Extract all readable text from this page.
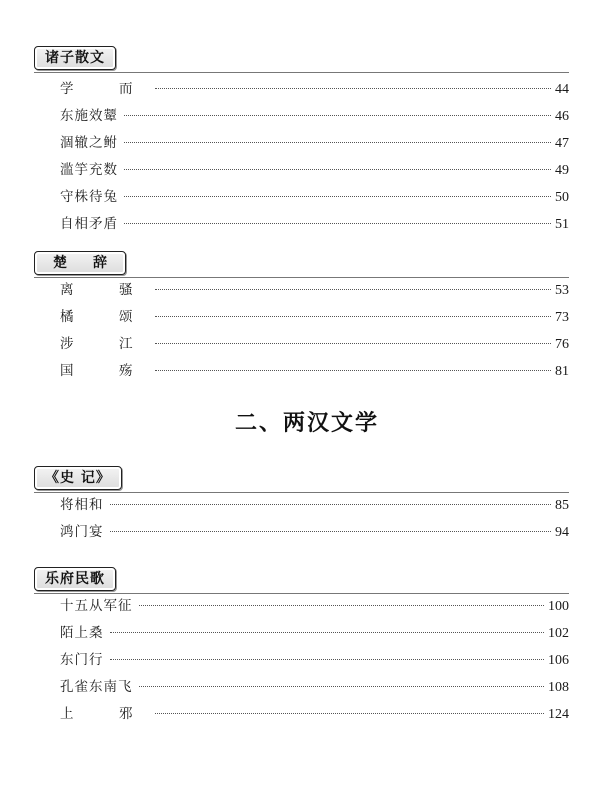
诸子散文
学　而	44
东施效颦	46
涸辙之鲋	47
滥竽充数	49
守株待兔	50
自相矛盾	51
楚　辞
离　骚	53
橘　颂	73
涉　江	76
国　殇	81
二、两汉文学
《史 记》
将相和	85
鸿门宴	94
乐府民歌
十五从军征	100
陌上桑	102
东门行	106
孔雀东南飞	108
上　邪	124
